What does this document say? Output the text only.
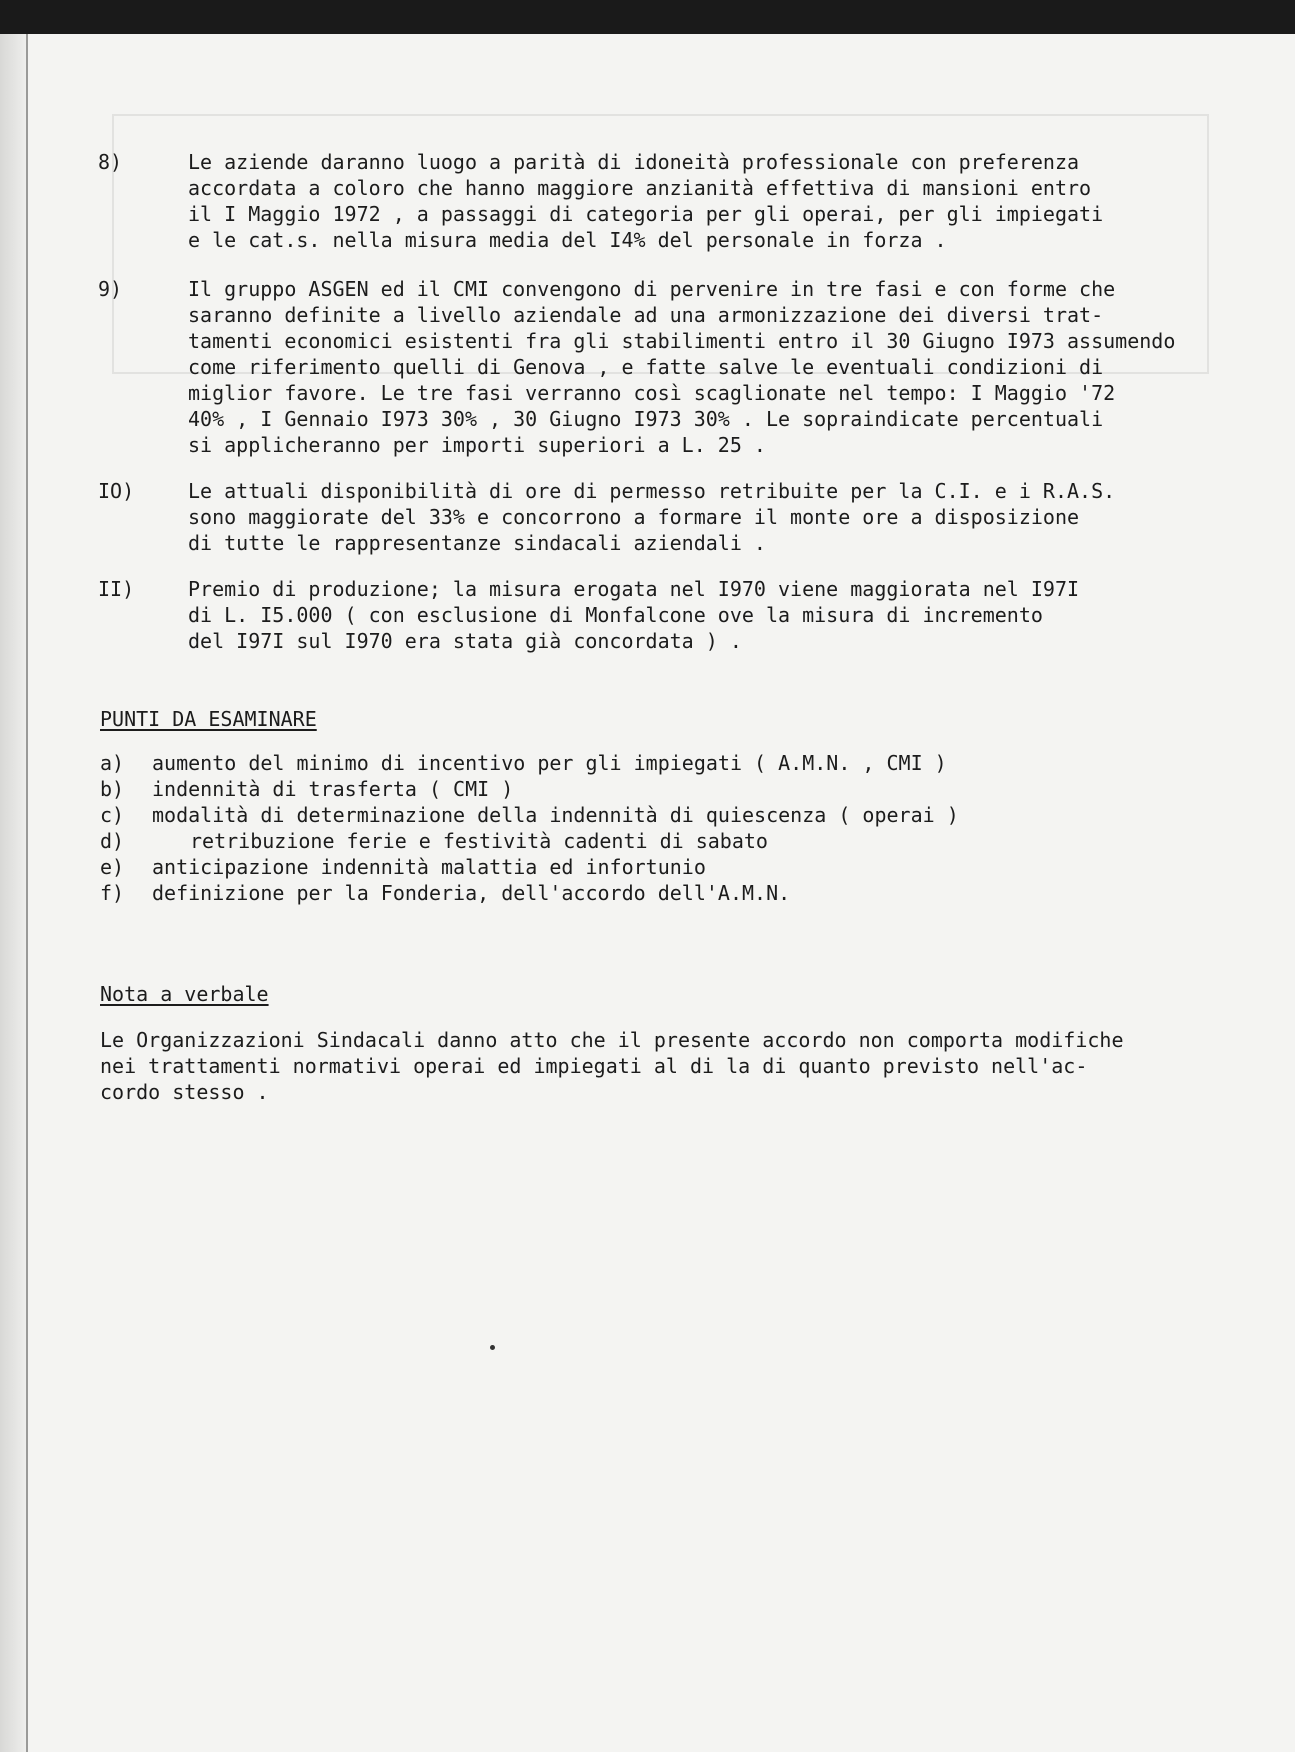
8)	Le aziende daranno luogo a parità di idoneità professionale con preferenza
accordata a coloro che hanno maggiore anzianità effettiva di mansioni entro
il I Maggio 1972 , a passaggi di categoria per gli operai, per gli impiegati
e le cat.s. nella misura media del I4% del personale in forza .
9)	Il gruppo ASGEN ed il CMI convengono di pervenire in tre fasi e con forme che
saranno definite a livello aziendale ad una armonizzazione dei diversi trat-
tamenti economici esistenti fra gli stabilimenti entro il 30 Giugno I973 assumendo
come riferimento quelli di Genova , e fatte salve le eventuali condizioni di
miglior favore. Le tre fasi verranno così scaglionate nel tempo: I Maggio '72
40% , I Gennaio I973 30% , 30 Giugno I973 30% . Le sopraindicate percentuali
si applicheranno per importi superiori a L. 25 .
IO)	Le attuali disponibilità di ore di permesso retribuite per la C.I. e i R.A.S.
sono maggiorate del 33% e concorrono a formare il monte ore a disposizione
di tutte le rappresentanze sindacali aziendali .
II)	Premio di produzione; la misura erogata nel I970 viene maggiorata nel I97I
di L. I5.000 ( con esclusione di Monfalcone ove la misura di incremento
del I97I sul I970 era stata già concordata ) .
PUNTI DA ESAMINARE
a)	aumento del minimo di incentivo per gli impiegati ( A.M.N. , CMI )
b)	indennità di trasferta ( CMI )
c)	modalità di determinazione della indennità di quiescenza ( operai )
d)	retribuzione ferie e festività cadenti di sabato
e)	anticipazione indennità malattia ed infortunio
f)	definizione per la Fonderia, dell'accordo dell'A.M.N.
Nota a verbale
Le Organizzazioni Sindacali danno atto che il presente accordo non comporta modifiche
nei trattamenti normativi operai ed impiegati al di la di quanto previsto nell'ac-
cordo stesso .
